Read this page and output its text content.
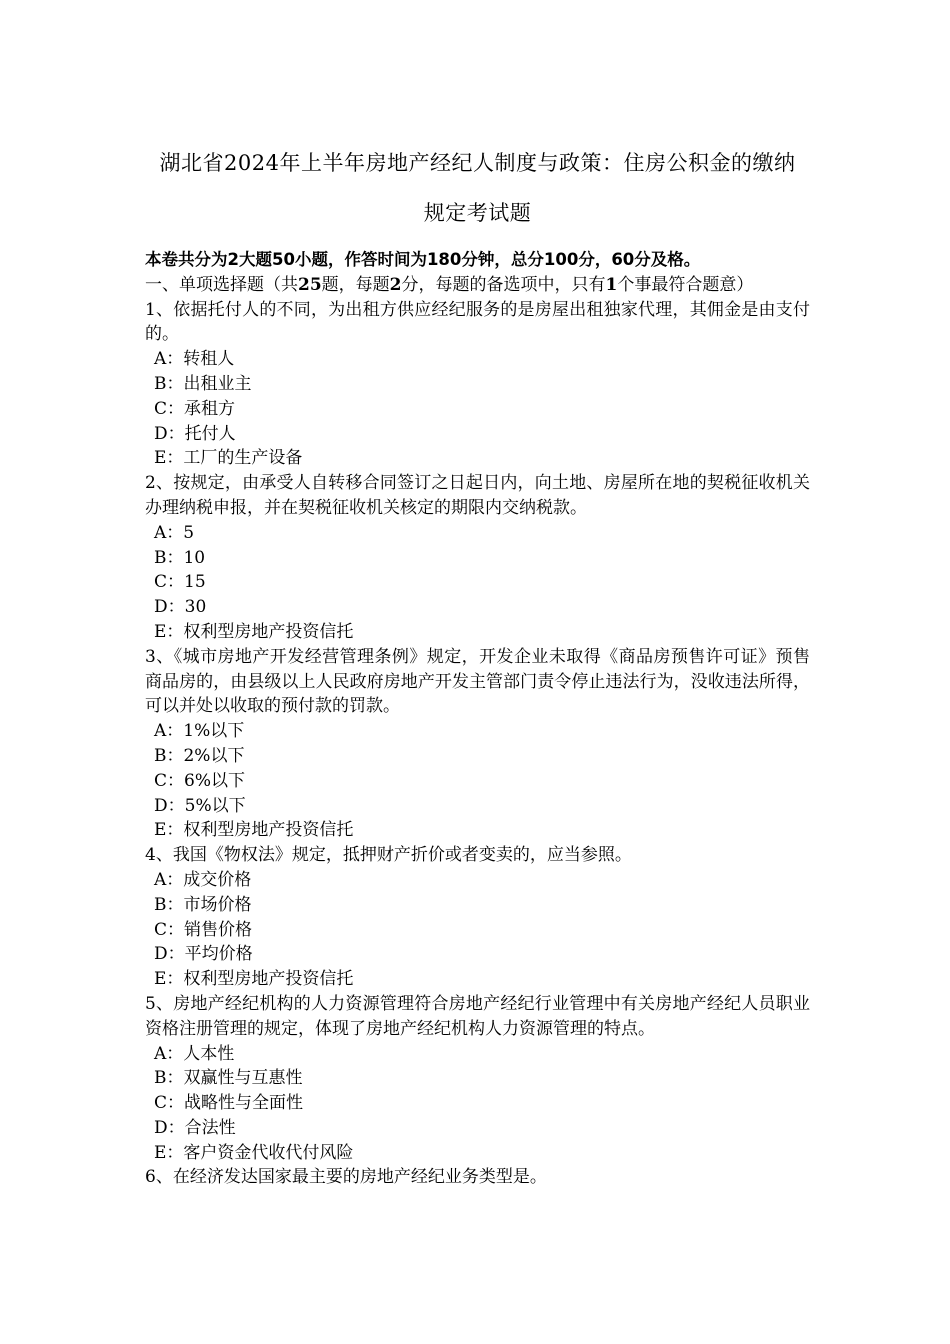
湖北省2024年上半年房地产经纪人制度与政策：住房公积金的缴纳
规定考试题
本卷共分为2大题50小题，作答时间为180分钟，总分100分，60分及格。
一、单项选择题（共25题，每题2分，每题的备选项中，只有1个事最符合题意）
1、依据托付人的不同，为出租方供应经纪服务的是房屋出租独家代理，其佣金是由支付的。
A：转租人
B：出租业主
C：承租方
D：托付人
E：工厂的生产设备
2、按规定，由承受人自转移合同签订之日起日内，向土地、房屋所在地的契税征收机关办理纳税申报，并在契税征收机关核定的期限内交纳税款。
A：5
B：10
C：15
D：30
E：权利型房地产投资信托
3、《城市房地产开发经营管理条例》规定，开发企业未取得《商品房预售许可证》预售商品房的，由县级以上人民政府房地产开发主管部门责令停止违法行为，没收违法所得，可以并处以收取的预付款的罚款。
A：1%以下
B：2%以下
C：6%以下
D：5%以下
E：权利型房地产投资信托
4、我国《物权法》规定，抵押财产折价或者变卖的，应当参照。
A：成交价格
B：市场价格
C：销售价格
D：平均价格
E：权利型房地产投资信托
5、房地产经纪机构的人力资源管理符合房地产经纪行业管理中有关房地产经纪人员职业资格注册管理的规定，体现了房地产经纪机构人力资源管理的特点。
A：人本性
B：双赢性与互惠性
C：战略性与全面性
D：合法性
E：客户资金代收代付风险
6、在经济发达国家最主要的房地产经纪业务类型是。
